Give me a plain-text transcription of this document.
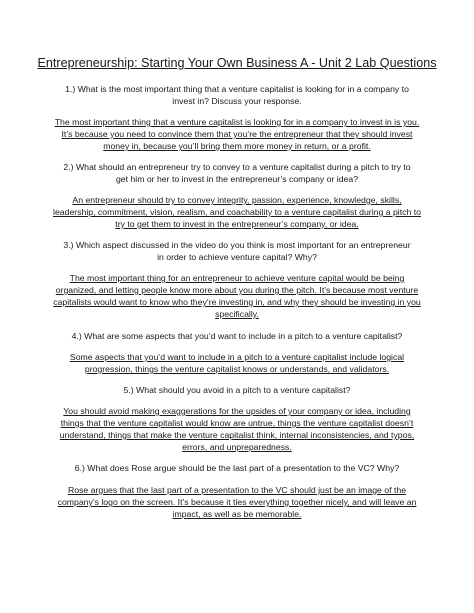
Entrepreneurship: Starting Your Own Business A - Unit 2 Lab Questions
1.) What is the most important thing that a venture capitalist is looking for in a company to
invest in? Discuss your response.
The most important thing that a venture capitalist is looking for in a company to invest in is you.
It’s because you need to convince them that you’re the entrepreneur that they should invest
money in, because you’ll bring them more money in return, or a profit.
2.) What should an entrepreneur try to convey to a venture capitalist during a pitch to try to
get him or her to invest in the entrepreneur’s company or idea?
An entrepreneur should try to convey integrity, passion, experience, knowledge, skills,
leadership, commitment, vision, realism, and coachability to a venture capitalist during a pitch to
try to get them to invest in the entrepreneur’s company, or idea.
3.) Which aspect discussed in the video do you think is most important for an entrepreneur
in order to achieve venture capital? Why?
The most important thing for an entrepreneur to achieve venture capital would be being
organized, and letting people know more about you during the pitch. It’s because most venture
capitalists would want to know who they’re investing in, and why they should be investing in you
specifically.
4.) What are some aspects that you’d want to include in a pitch to a venture capitalist?
Some aspects that you’d want to include in a pitch to a venture capitalist include logical
progression, things the venture capitalist knows or understands, and validators.
5.) What should you avoid in a pitch to a venture capitalist?
You should avoid making exaggerations for the upsides of your company or idea, including
things that the venture capitalist would know are untrue, things the venture capitalist doesn’t
understand, things that make the venture capitalist think, internal inconsistencies, and typos,
errors, and unpreparedness.
6.) What does Rose argue should be the last part of a presentation to the VC? Why?
Rose argues that the last part of a presentation to the VC should just be an image of the
company’s logo on the screen. It’s because it ties everything together nicely, and will leave an
impact, as well as be memorable.
